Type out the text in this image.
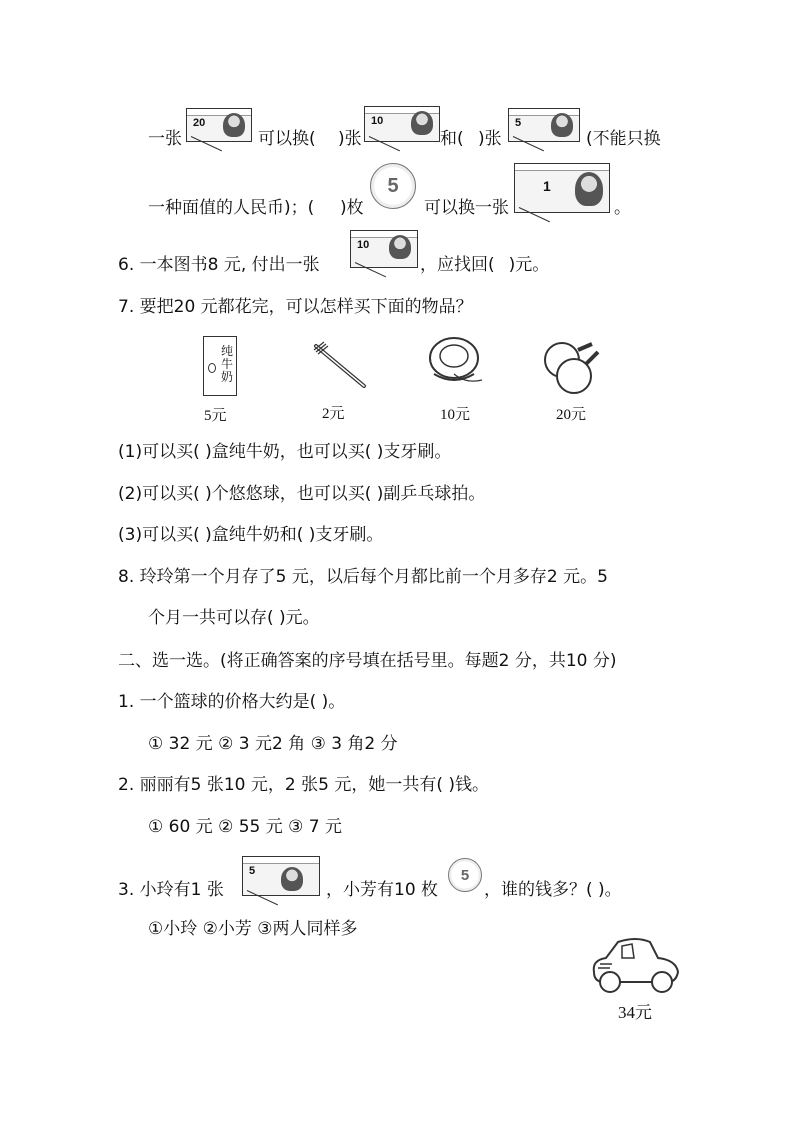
一张
20
可以换( )张
10
和( )张
5
(不能只换
一种面值的人民币)；( )枚
5
可以换一张
1
。
6. 一本图书8 元, 付出一张
10
，应找回( )元。
7. 要把20 元都花完，可以怎样买下面的物品？
纯
牛
奶
5元	2元	10元	20元
(1)可以买( )盒纯牛奶，也可以买( )支牙刷。
(2)可以买( )个悠悠球，也可以买( )副乒乓球拍。
(3)可以买( )盒纯牛奶和( )支牙刷。
8. 玲玲第一个月存了5 元，以后每个月都比前一个月多存2 元。5
个月一共可以存( )元。
二、选一选。(将正确答案的序号填在括号里。每题2 分，共10 分)
1. 一个篮球的价格大约是( )。
① 32 元 ② 3 元2 角 ③ 3 角2 分
2. 丽丽有5 张10 元，2 张5 元，她一共有( )钱。
① 60 元 ② 55 元 ③ 7 元
3. 小玲有1 张
5
，小芳有10 枚
5
，谁的钱多？( )。
①小玲 ②小芳 ③两人同样多
34元
